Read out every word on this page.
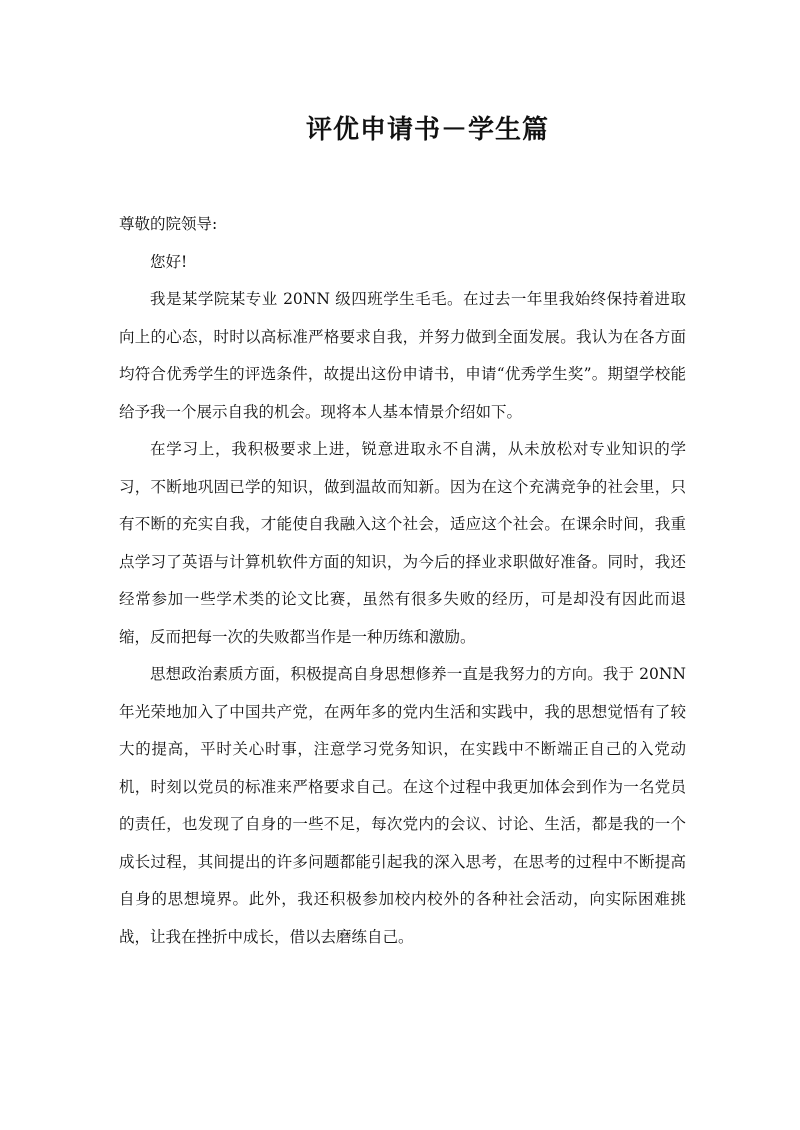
评优申请书－学生篇

尊敬的院领导:

您好!

我是某学院某专业 20NN 级四班学生毛毛。在过去一年里我始终保持着进取向上的心态，时时以高标准严格要求自我，并努力做到全面发展。我认为在各方面均符合优秀学生的评选条件，故提出这份申请书，申请“优秀学生奖”。期望学校能给予我一个展示自我的机会。现将本人基本情景介绍如下。

在学习上，我积极要求上进，锐意进取永不自满，从未放松对专业知识的学习，不断地巩固已学的知识，做到温故而知新。因为在这个充满竞争的社会里，只有不断的充实自我，才能使自我融入这个社会，适应这个社会。在课余时间，我重点学习了英语与计算机软件方面的知识，为今后的择业求职做好准备。同时，我还经常参加一些学术类的论文比赛，虽然有很多失败的经历，可是却没有因此而退缩，反而把每一次的失败都当作是一种历练和激励。

思想政治素质方面，积极提高自身思想修养一直是我努力的方向。我于 20NN 年光荣地加入了中国共产党，在两年多的党内生活和实践中，我的思想觉悟有了较大的提高，平时关心时事，注意学习党务知识，在实践中不断端正自己的入党动机，时刻以党员的标准来严格要求自己。在这个过程中我更加体会到作为一名党员的责任，也发现了自身的一些不足，每次党内的会议、讨论、生活，都是我的一个成长过程，其间提出的许多问题都能引起我的深入思考，在思考的过程中不断提高自身的思想境界。此外，我还积极参加校内校外的各种社会活动，向实际困难挑战，让我在挫折中成长，借以去磨练自己。
